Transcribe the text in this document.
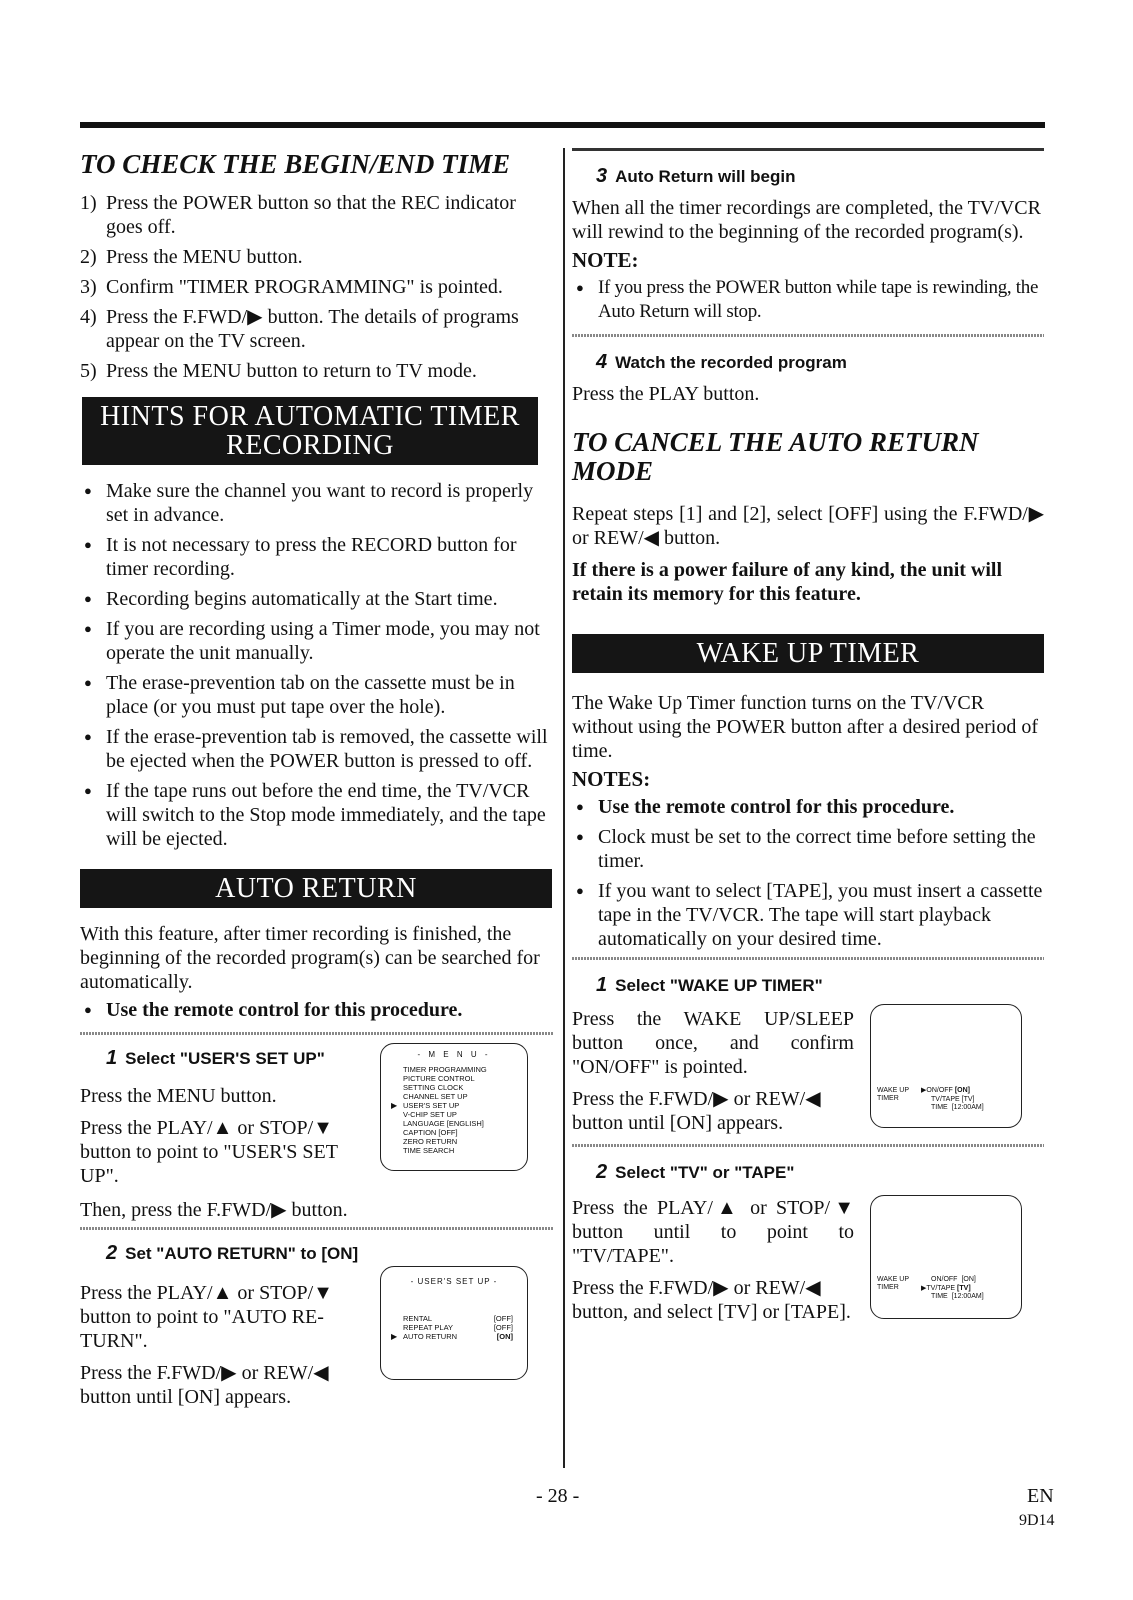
TO CHECK THE BEGIN/END TIME
1) Press the POWER button so that the REC indicator goes off.
2) Press the MENU button.
3) Confirm "TIMER PROGRAMMING" is pointed.
4) Press the F.FWD/▶ button. The details of programs appear on the TV screen.
5) Press the MENU button to return to TV mode.
HINTS FOR AUTOMATIC TIMER RECORDING
● Make sure the channel you want to record is properly set in advance.
● It is not necessary to press the RECORD button for timer recording.
● Recording begins automatically at the Start time.
● If you are recording using a Timer mode, you may not operate the unit manually.
● The erase-prevention tab on the cassette must be in place (or you must put tape over the hole).
● If the erase-prevention tab is removed, the cassette will be ejected when the POWER button is pressed to off.
● If the tape runs out before the end time, the TV/VCR will switch to the Stop mode immediately, and the tape will be ejected.
AUTO RETURN

With this feature, after timer recording is finished, the beginning of the recorded program(s) can be searched for automatically.

● Use the remote control for this procedure.

1 Select "USER'S SET UP"

Press the MENU button.

Press the PLAY/▲ or STOP/▼ button to point to "USER'S SET UP".

Then, press the F.FWD/▶ button.

- M E N U -
TIMER PROGRAMMING
PICTURE CONTROL
SETTING CLOCK
CHANNEL SET UP
▶ USER'S SET UP
V-CHIP SET UP
LANGUAGE [ENGLISH]
CAPTION [OFF]
ZERO RETURN
TIME SEARCH

2 Set "AUTO RETURN" to [ON]

Press the PLAY/▲ or STOP/▼ button to point to "AUTO RE-TURN".

Press the F.FWD/▶ or REW/◀ button until [ON] appears.

- USER'S SET UP -
RENTAL	[OFF]
REPEAT PLAY	[OFF]
▶ AUTO RETURN	[ON]

3 Auto Return will begin

When all the timer recordings are completed, the TV/VCR will rewind to the beginning of the recorded program(s).

NOTE:

● If you press the POWER button while tape is rewinding, the Auto Return will stop.

4 Watch the recorded program

Press the PLAY button.

TO CANCEL THE AUTO RETURN MODE

Repeat steps [1] and [2], select [OFF] using the F.FWD/▶ or REW/◀ button.

If there is a power failure of any kind, the unit will retain its memory for this feature.

WAKE UP TIMER

The Wake Up Timer function turns on the TV/VCR without using the POWER button after a desired period of time.

NOTES:

● Use the remote control for this procedure.
● Clock must be set to the correct time before setting the timer.
● If you want to select [TAPE], you must insert a cassette tape in the TV/VCR. The tape will start playback automatically on your desired time.

1 Select "WAKE UP TIMER"

Press the WAKE UP/SLEEP button once, and confirm "ON/OFF" is pointed.

Press the F.FWD/▶ or REW/◀ button until [ON] appears.

WAKE UP
TIMER
▶ON/OFF [ON]
TV/TAPE [TV]
TIME [12:00AM]

2 Select "TV" or "TAPE"

Press the PLAY/▲ or STOP/▼ button until to point to "TV/TAPE".

Press the F.FWD/▶ or REW/◀ button, and select [TV] or [TAPE].

WAKE UP
TIMER
ON/OFF [ON]
▶TV/TAPE [TV]
TIME [12:00AM]
- 28 -	EN
9D14
